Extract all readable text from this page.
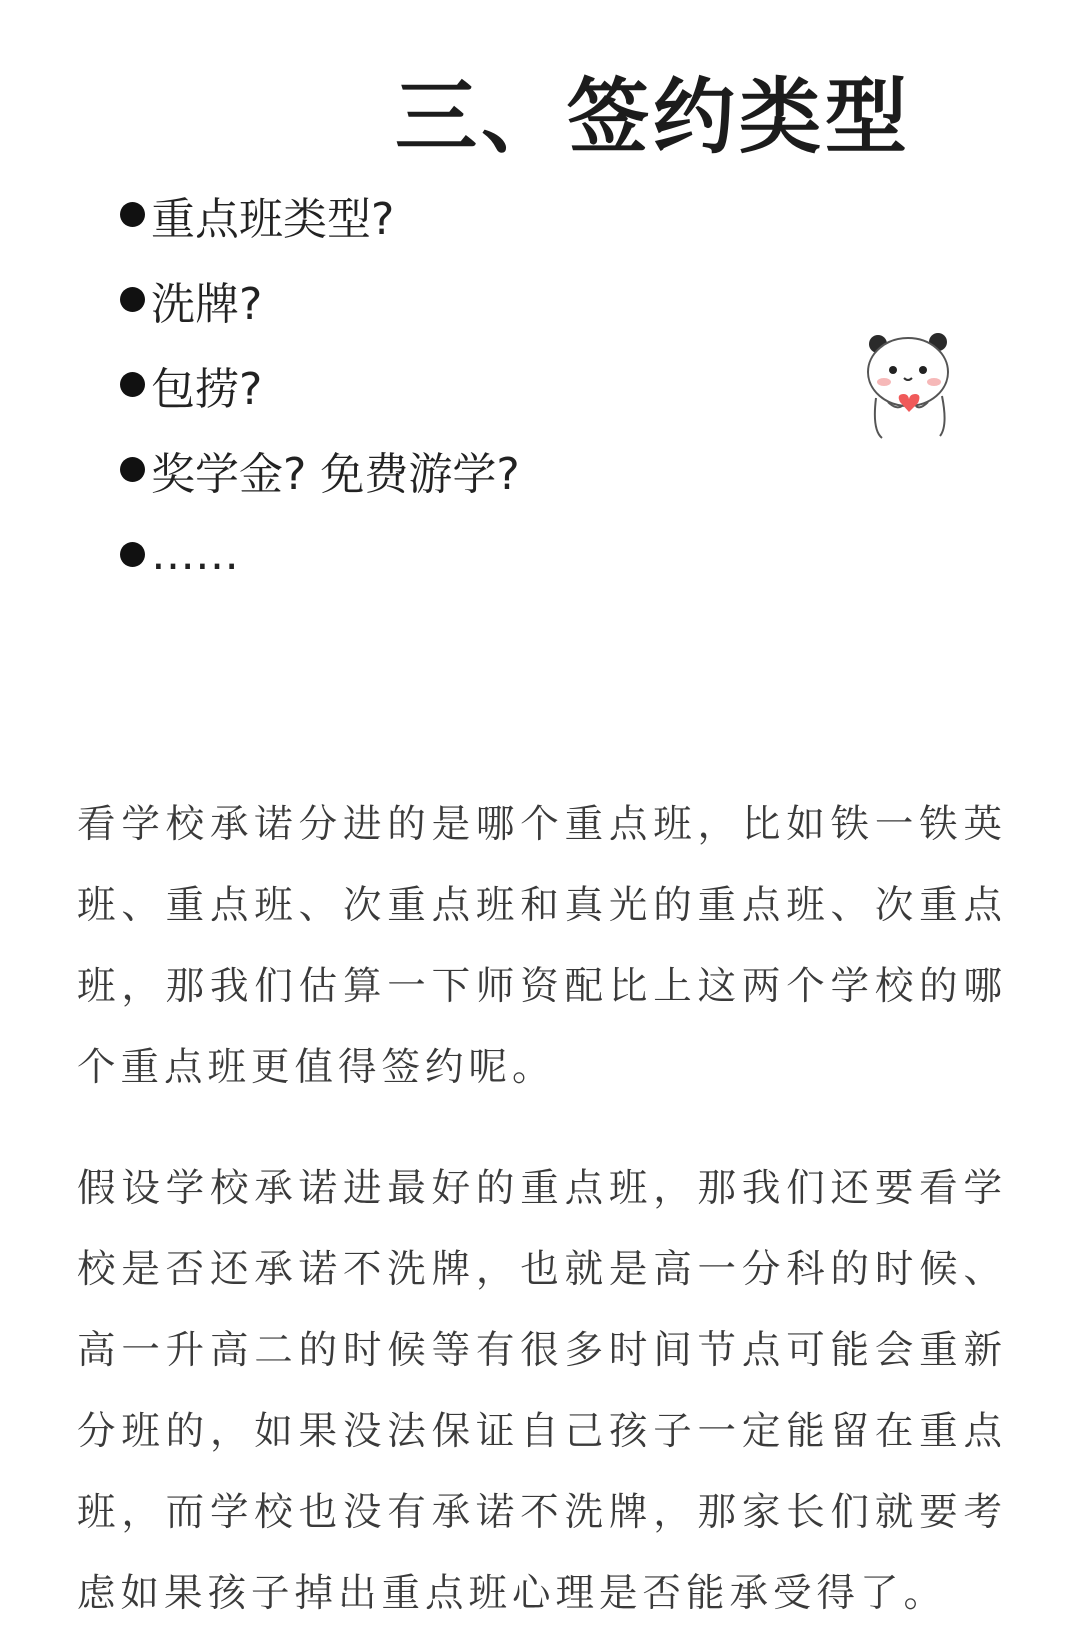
三、签约类型
重点班类型?
洗牌?
包捞?
奖学金? 免费游学?
……

看学校承诺分进的是哪个重点班，比如铁一铁英班、重点班、次重点班和真光的重点班、次重点班，那我们估算一下师资配比上这两个学校的哪个重点班更值得签约呢。

假设学校承诺进最好的重点班，那我们还要看学校是否还承诺不洗牌，也就是高一分科的时候、高一升高二的时候等有很多时间节点可能会重新分班的，如果没法保证自己孩子一定能留在重点班，而学校也没有承诺不洗牌，那家长们就要考虑如果孩子掉出重点班心理是否能承受得了。
